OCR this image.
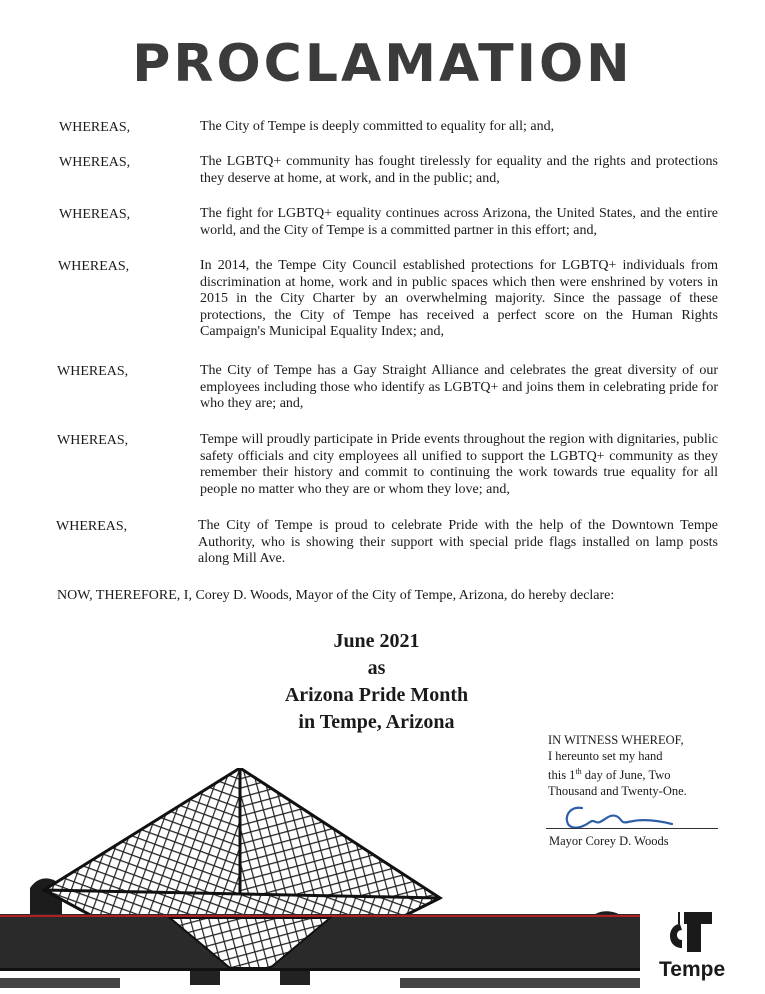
PROCLAMATION
WHEREAS,	The City of Tempe is deeply committed to equality for all; and,
WHEREAS,	The LGBTQ+ community has fought tirelessly for equality and the rights and protections they deserve at home, at work, and in the public; and,
WHEREAS,	The fight for LGBTQ+ equality continues across Arizona, the United States, and the entire world, and the City of Tempe is a committed partner in this effort; and,
WHEREAS,	In 2014, the Tempe City Council established protections for LGBTQ+ individuals from discrimination at home, work and in public spaces which then were enshrined by voters in 2015 in the City Charter by an overwhelming majority. Since the passage of these protections, the City of Tempe has received a perfect score on the Human Rights Campaign's Municipal Equality Index; and,
WHEREAS,	The City of Tempe has a Gay Straight Alliance and celebrates the great diversity of our employees including those who identify as LGBTQ+ and joins them in celebrating pride for who they are; and,
WHEREAS,	Tempe will proudly participate in Pride events throughout the region with dignitaries, public safety officials and city employees all unified to support the LGBTQ+ community as they remember their history and commit to continuing the work towards true equality for all people no matter who they are or whom they love; and,
WHEREAS,	The City of Tempe is proud to celebrate Pride with the help of the Downtown Tempe Authority, who is showing their support with special pride flags installed on lamp posts along Mill Ave.
NOW, THEREFORE, I, Corey D. Woods, Mayor of the City of Tempe, Arizona, do hereby declare:
June 2021
as
Arizona Pride Month
in Tempe, Arizona
IN WITNESS WHEREOF,
I hereunto set my hand
this 1th day of June, Two
Thousand and Twenty-One.
Mayor Corey D. Woods
Tempe
